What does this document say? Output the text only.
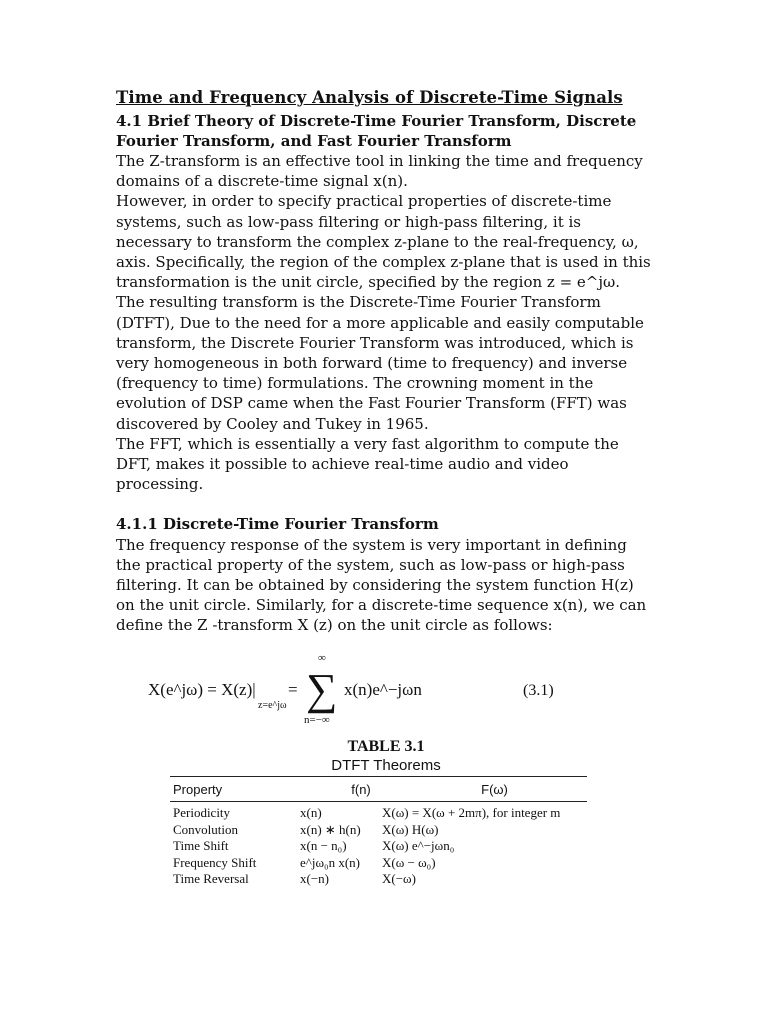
Time and Frequency Analysis of Discrete-Time Signals
4.1 Brief Theory of Discrete-Time Fourier Transform, Discrete
Fourier Transform, and Fast Fourier Transform

The Z-transform is an effective tool in linking the time and frequency domains of a discrete-time signal x(n).

However, in order to specify practical properties of discrete-time systems, such as low-pass filtering or high-pass filtering, it is necessary to transform the complex z-plane to the real-frequency, ω, axis. Specifically, the region of the complex z-plane that is used in this transformation is the unit circle, specified by the region z = e^jω.

The resulting transform is the Discrete-Time Fourier Transform (DTFT), Due to the need for a more applicable and easily computable transform, the Discrete Fourier Transform was introduced, which is very homogeneous in both forward (time to frequency) and inverse (frequency to time) formulations. The crowning moment in the evolution of DSP came when the Fast Fourier Transform (FFT) was discovered by Cooley and Tukey in 1965.

The FFT, which is essentially a very fast algorithm to compute the DFT, makes it possible to achieve real-time audio and video processing.

4.1.1 Discrete-Time Fourier Transform

The frequency response of the system is very important in defining the practical property of the system, such as low-pass or high-pass filtering. It can be obtained by considering the system function H(z) on the unit circle. Similarly, for a discrete-time sequence x(n), we can define the Z -transform X (z) on the unit circle as follows:

X(e^jω) = X(z)|
z=e^jω
= ∑
∞
n=−∞
x(n)e^−jωn	(3.1)
TABLE 3.1
DTFT Theorems
Property	f(n)	F(ω)
Periodicity	x(n)	X(ω) = X(ω + 2mπ), for integer m
Convolution	x(n) ∗ h(n)	X(ω) H(ω)
Time Shift	x(n − n₀)	X(ω) e^−jωn₀
Frequency Shift	e^jω₀n x(n)	X(ω − ω₀)
Time Reversal	x(−n)	X(−ω)
